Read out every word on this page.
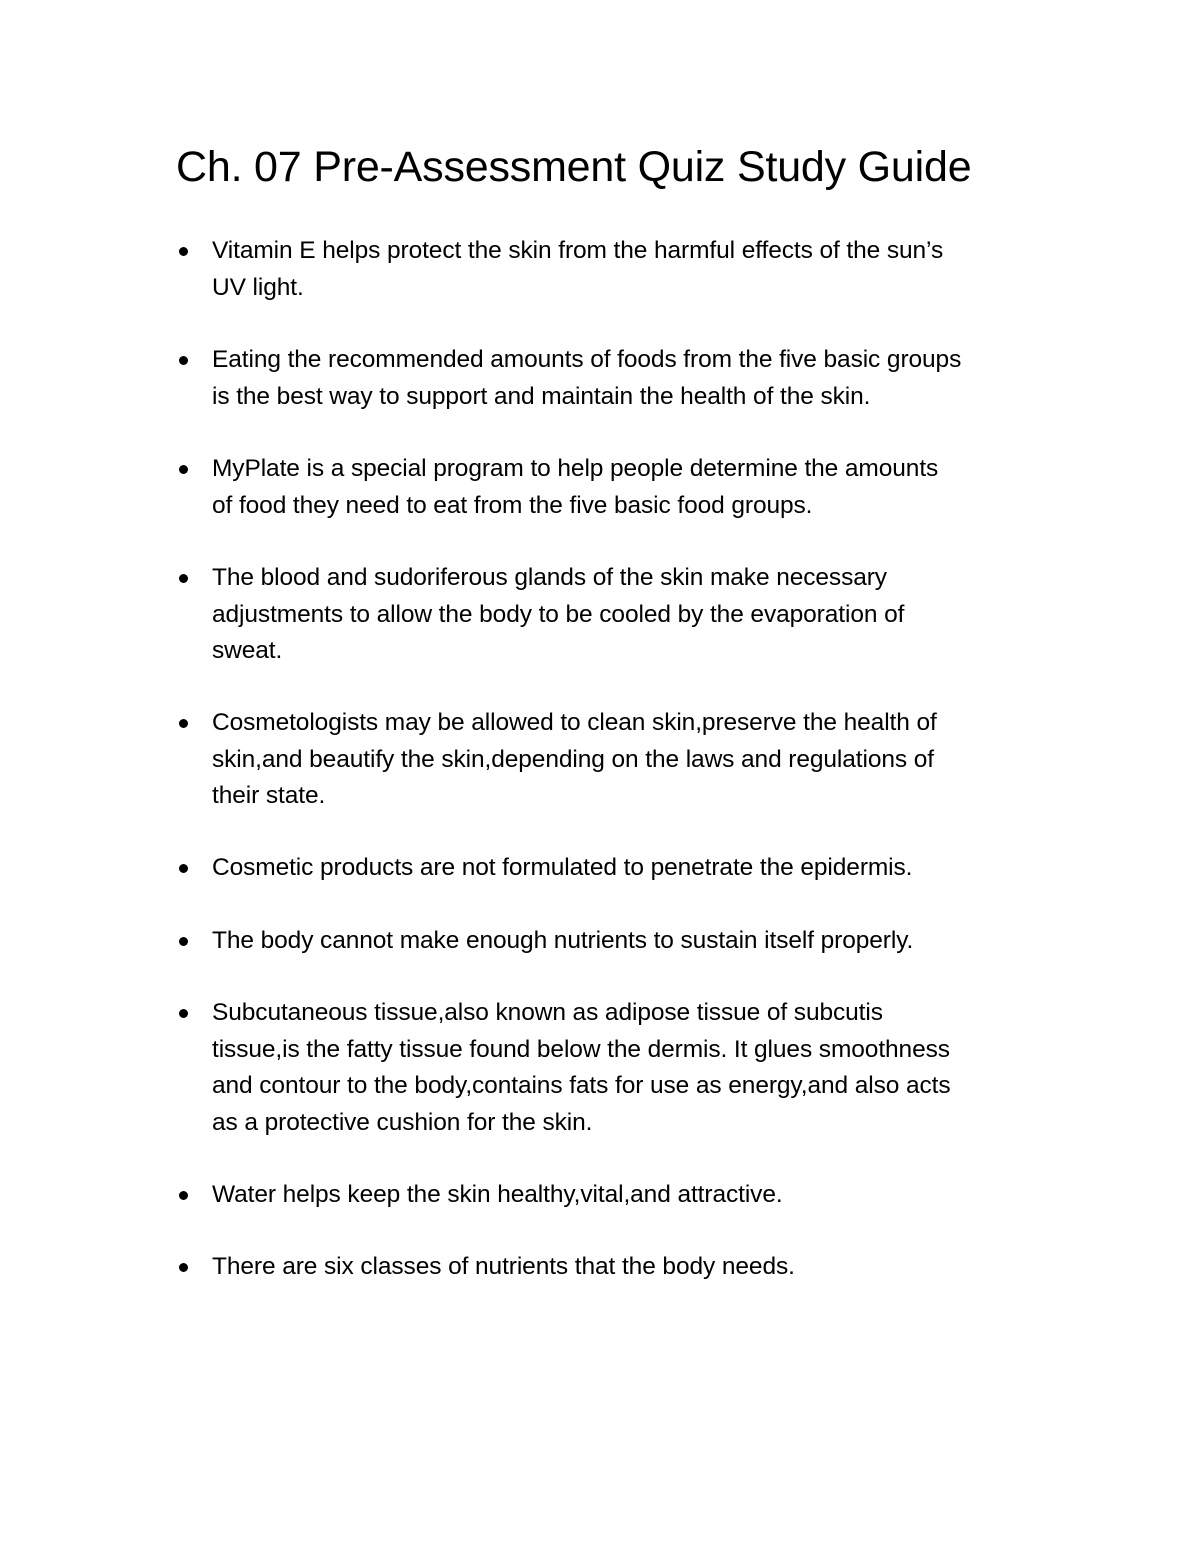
Ch. 07 Pre-Assessment Quiz Study Guide
Vitamin E helps protect the skin from the harmful effects of the sun’s
UV light.
Eating the recommended amounts of foods from the five basic groups
is the best way to support and maintain the health of the skin.
MyPlate is a special program to help people determine the amounts
of food they need to eat from the five basic food groups.
The blood and sudoriferous glands of the skin make necessary
adjustments to allow the body to be cooled by the evaporation of
sweat.
Cosmetologists may be allowed to clean skin,preserve the health of
skin,and beautify the skin,depending on the laws and regulations of
their state.
Cosmetic products are not formulated to penetrate the epidermis.
The body cannot make enough nutrients to sustain itself properly.
Subcutaneous tissue,also known as adipose tissue of subcutis
tissue,is the fatty tissue found below the dermis. It glues smoothness
and contour to the body,contains fats for use as energy,and also acts
as a protective cushion for the skin.
Water helps keep the skin healthy,vital,and attractive.
There are six classes of nutrients that the body needs.
